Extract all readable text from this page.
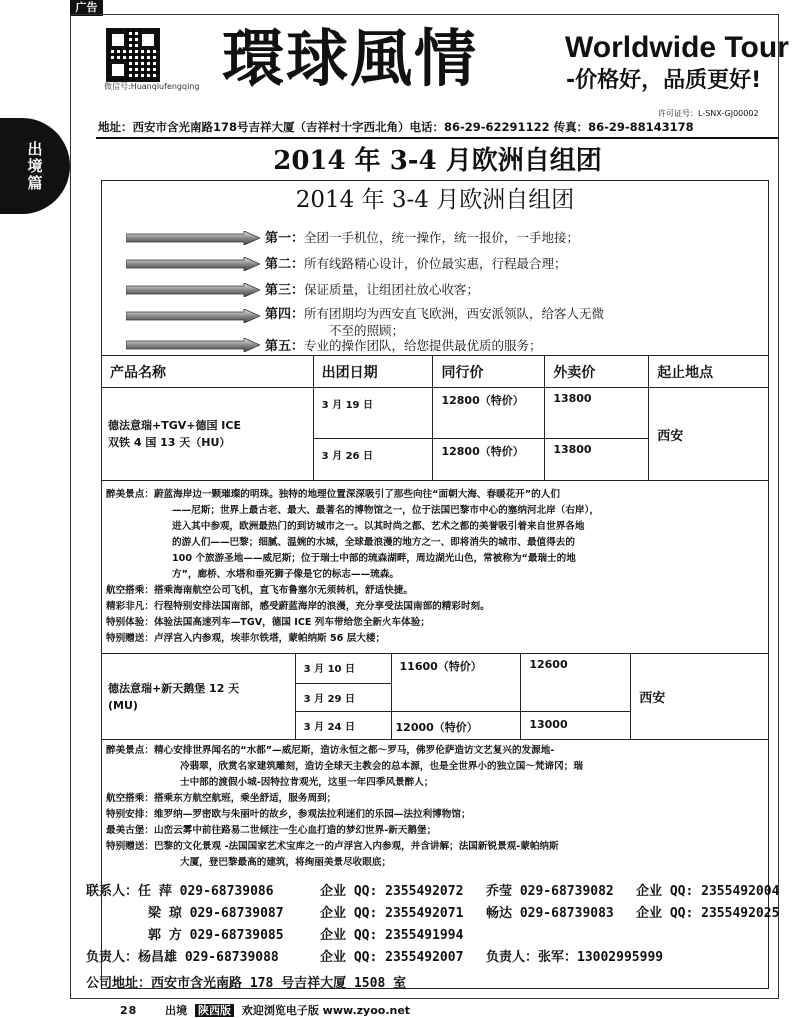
广告
出
境
篇
微信号:Huanqiufengqing 環球風情	Worldwide Tour
-价格好，品质更好!
许可证号：L-SNX-GJ00002
地址：西安市含光南路178号吉祥大厦（吉祥村十字西北角）电话：86-29-62291122 传真：86-29-88143178
2014 年 3-4 月欧洲自组团
2014 年 3-4 月欧洲自组团
第一：全团一手机位，统一操作，统一报价，一手地接；
第二：所有线路精心设计，价位最实惠，行程最合理；
第三：保证质量，让组团社放心收客；
第四：所有团期均为西安直飞欧洲，西安派领队，给客人无微
不至的照顾；
第五：专业的操作团队，给您提供最优质的服务；
产品名称	出团日期	同行价	外卖价	起止地点

德法意瑞+TGV+德国 ICE
双铁 4 国 13 天（HU）	3 月 19 日	12800（特价）	13800	西安
	3 月 26 日	12800（特价）	13800	
醉美景点：蔚蓝海岸边一颗璀璨的明珠。独特的地理位置深深吸引了那些向往“面朝大海、春暖花开”的人们
——尼斯；世界上最古老、最大、最著名的博物馆之一，位于法国巴黎市中心的塞纳河北岸（右岸），
进入其中参观，欧洲最热门的到访城市之一。以其时尚之都、艺术之都的美誉吸引着来自世界各地
的游人们——巴黎；细腻、温婉的水城，全球最浪漫的地方之一、即将消失的城市、最值得去的
100 个旅游圣地——威尼斯；位于瑞士中部的琉森湖畔，周边湖光山色，常被称为“最瑞士的地
方”，廊桥、水塔和垂死狮子像是它的标志——琉森。
航空搭乘：搭乘海南航空公司飞机，直飞布鲁塞尔无须转机，舒适快捷。
精彩非凡：行程特别安排法国南部，感受蔚蓝海岸的浪漫，充分享受法国南部的精彩时刻。
特别体验：体验法国高速列车—TGV，德国 ICE 列车带给您全新火车体验；
特别赠送：卢浮宫入内参观，埃菲尔铁塔，蒙帕纳斯 56 层大楼；
德法意瑞+新天鹅堡 12 天
(MU)	3 月 10 日	11600（特价）	12600	西安
	3 月 29 日			
	3 月 24 日	12000（特价）	13000	
醉美景点：精心安排世界闻名的“水都”—威尼斯，造访永恒之都～罗马，佛罗伦萨造访文艺复兴的发源地-
冷翡翠，欣赏名家建筑雕刻，造访全球天主教会的总本源，也是全世界小的独立国～梵谛冈；瑞
士中部的渡假小城-因特拉肯观光，这里一年四季风景醉人；
航空搭乘：搭乘东方航空航班，乘坐舒适，服务周到；
特别安排：维罗纳—罗密欧与朱丽叶的故乡，参观法拉利迷们的乐园—法拉利博物馆；
最美古堡：山峦云雾中前往路易二世倾注一生心血打造的梦幻世界-新天鹅堡；
特别赠送：巴黎的文化景观 -法国国家艺术宝库之一的卢浮宫入内参观，并含讲解；法国新锐景观-蒙帕纳斯
大厦，登巴黎最高的建筑，将绚丽美景尽收眼底；
联系人：任 萍 029-68739086	企业 QQ: 2355492072 乔莹 029-68739082 企业 QQ: 2355492004
梁 琼 029-68739087	企业 QQ: 2355492071 畅达 029-68739083 企业 QQ: 2355492025
郭 方 029-68739085	企业 QQ: 2355491994
负责人：杨昌雄 029-68739088	企业 QQ: 2355492007 负责人：张军：13002995999
公司地址：西安市含光南路 178 号吉祥大厦 1508 室
28	出境 陕西版 欢迎浏览电子版 www.zyoo.net
